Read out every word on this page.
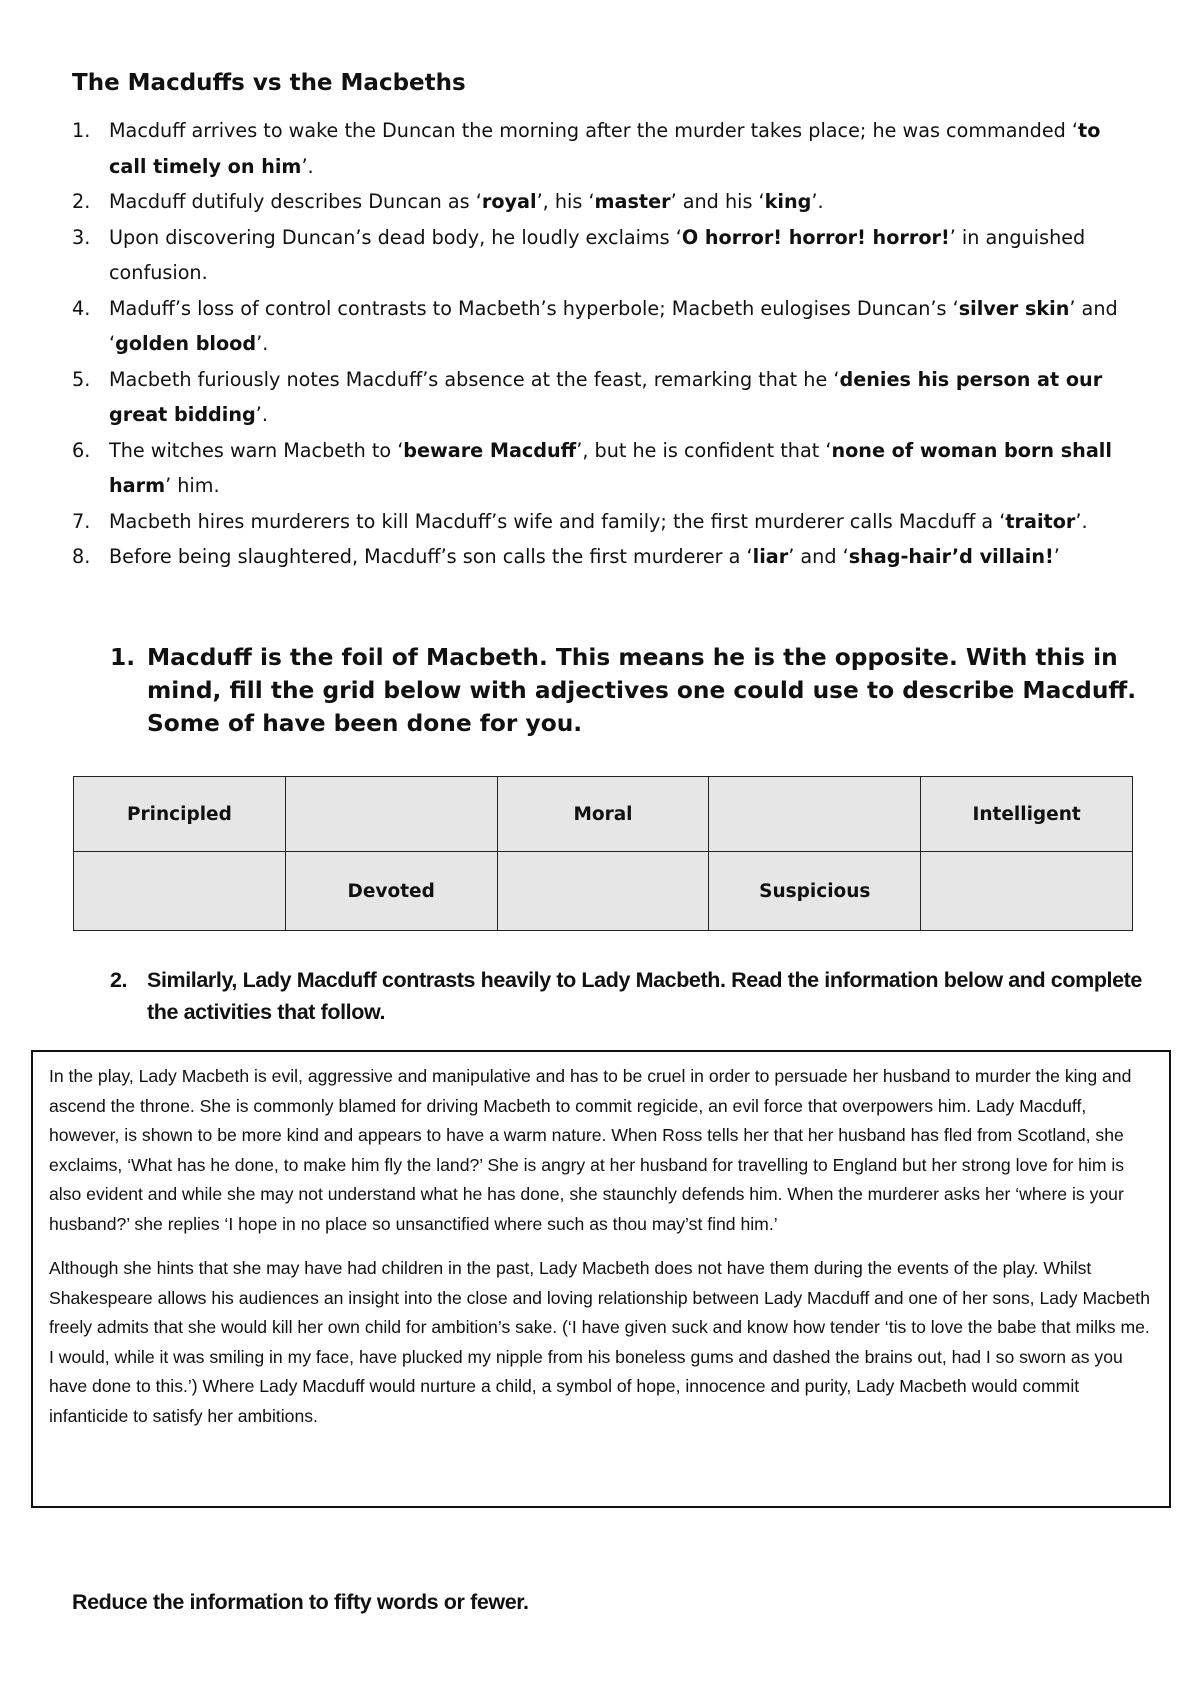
The Macduffs vs the Macbeths
1. Macduff arrives to wake the Duncan the morning after the murder takes place; he was commanded ‘to call timely on him’.
2. Macduff dutifuly describes Duncan as ‘royal’, his ‘master’ and his ‘king’.
3. Upon discovering Duncan’s dead body, he loudly exclaims ‘O horror! horror! horror!’ in anguished confusion.
4. Maduff’s loss of control contrasts to Macbeth’s hyperbole; Macbeth eulogises Duncan’s ‘silver skin’ and ‘golden blood’.
5. Macbeth furiously notes Macduff’s absence at the feast, remarking that he ‘denies his person at our great bidding’.
6. The witches warn Macbeth to ‘beware Macduff’, but he is confident that ‘none of woman born shall harm’ him.
7. Macbeth hires murderers to kill Macduff’s wife and family; the first murderer calls Macduff a ‘traitor’.
8. Before being slaughtered, Macduff’s son calls the first murderer a ‘liar’ and ‘shag-hair’d villain!’
1. Macduff is the foil of Macbeth. This means he is the opposite. With this in mind, fill the grid below with adjectives one could use to describe Macduff. Some of have been done for you.
Principled		Moral		Intelligent
	Devoted		Suspicious	
2. Similarly, Lady Macduff contrasts heavily to Lady Macbeth. Read the information below and complete the activities that follow.

In the play, Lady Macbeth is evil, aggressive and manipulative and has to be cruel in order to persuade her husband to murder the king and ascend the throne. She is commonly blamed for driving Macbeth to commit regicide, an evil force that overpowers him. Lady Macduff, however, is shown to be more kind and appears to have a warm nature. When Ross tells her that her husband has fled from Scotland, she exclaims, ‘What has he done, to make him fly the land?’ She is angry at her husband for travelling to England but her strong love for him is also evident and while she may not understand what he has done, she staunchly defends him. When the murderer asks her ‘where is your husband?’ she replies ‘I hope in no place so unsanctified where such as thou may’st find him.’

Although she hints that she may have had children in the past, Lady Macbeth does not have them during the events of the play. Whilst Shakespeare allows his audiences an insight into the close and loving relationship between Lady Macduff and one of her sons, Lady Macbeth freely admits that she would kill her own child for ambition’s sake. (‘I have given suck and know how tender ‘tis to love the babe that milks me. I would, while it was smiling in my face, have plucked my nipple from his boneless gums and dashed the brains out, had I so sworn as you have done to this.’) Where Lady Macduff would nurture a child, a symbol of hope, innocence and purity, Lady Macbeth would commit infanticide to satisfy her ambitions.

Reduce the information to fifty words or fewer.
